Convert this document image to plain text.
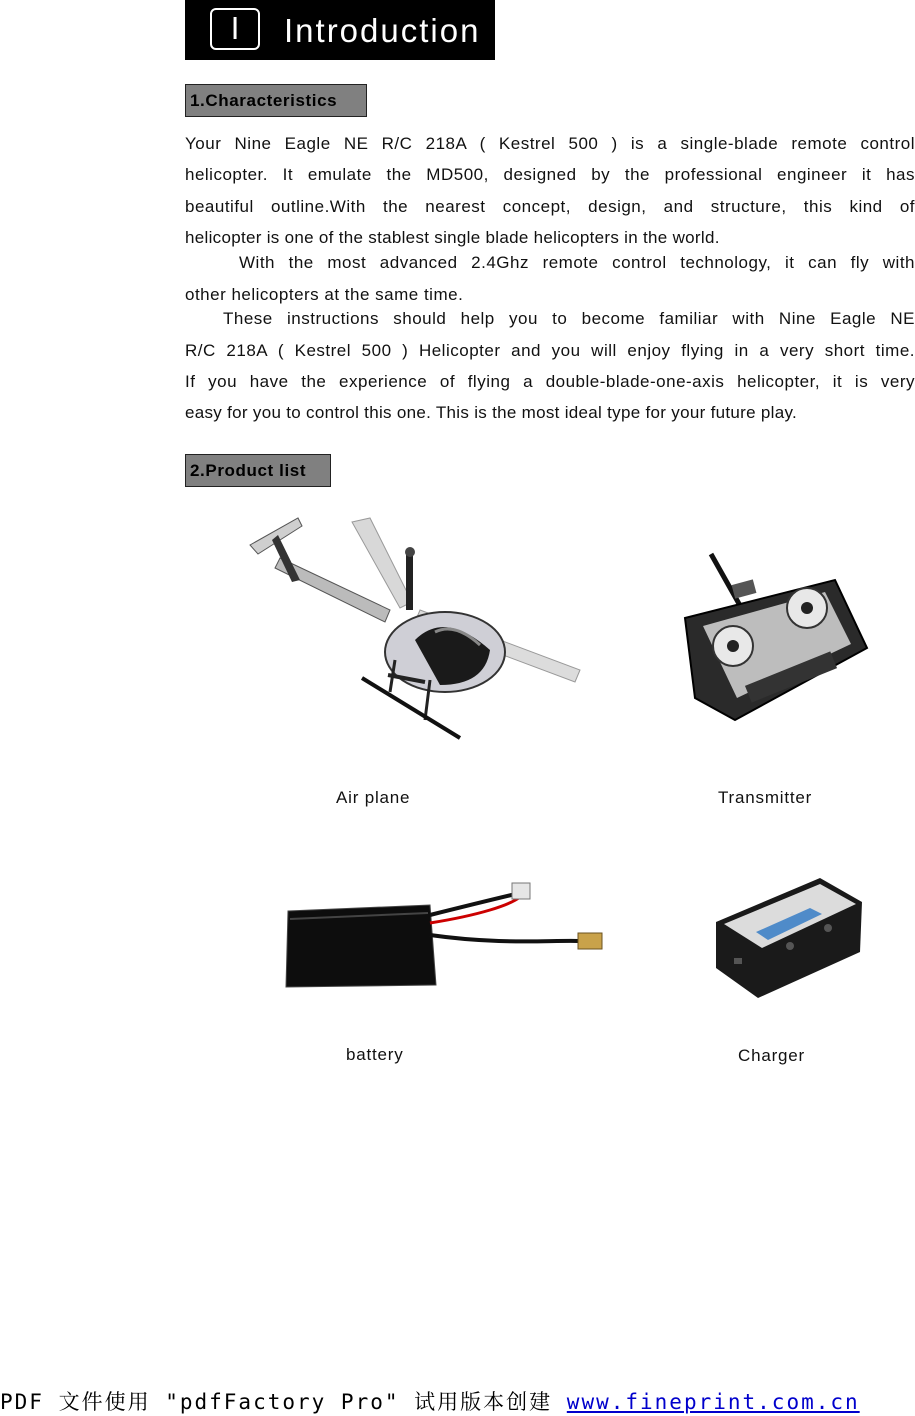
Ⅰ	Introduction
1.Characteristics
Your Nine Eagle NE R/C 218A ( Kestrel 500 ) is a single-blade remote control
helicopter. It emulate the MD500, designed by the professional engineer it has
beautiful outline.With the nearest concept, design, and structure, this kind of
helicopter is one of the stablest single blade helicopters in the world.
With the most advanced 2.4Ghz remote control technology, it can fly with
other helicopters at the same time.
These instructions should help you to become familiar with Nine Eagle NE
R/C 218A ( Kestrel 500 ) Helicopter and you will enjoy flying in a very short time.
If you have the experience of flying a double-blade-one-axis helicopter, it is very
easy for you to control this one. This is the most ideal type for your future play.
2.Product list
Air plane	Transmitter
battery	Charger
PDF 文件使用 "pdfFactory Pro" 试用版本创建 www.fineprint.com.cn
